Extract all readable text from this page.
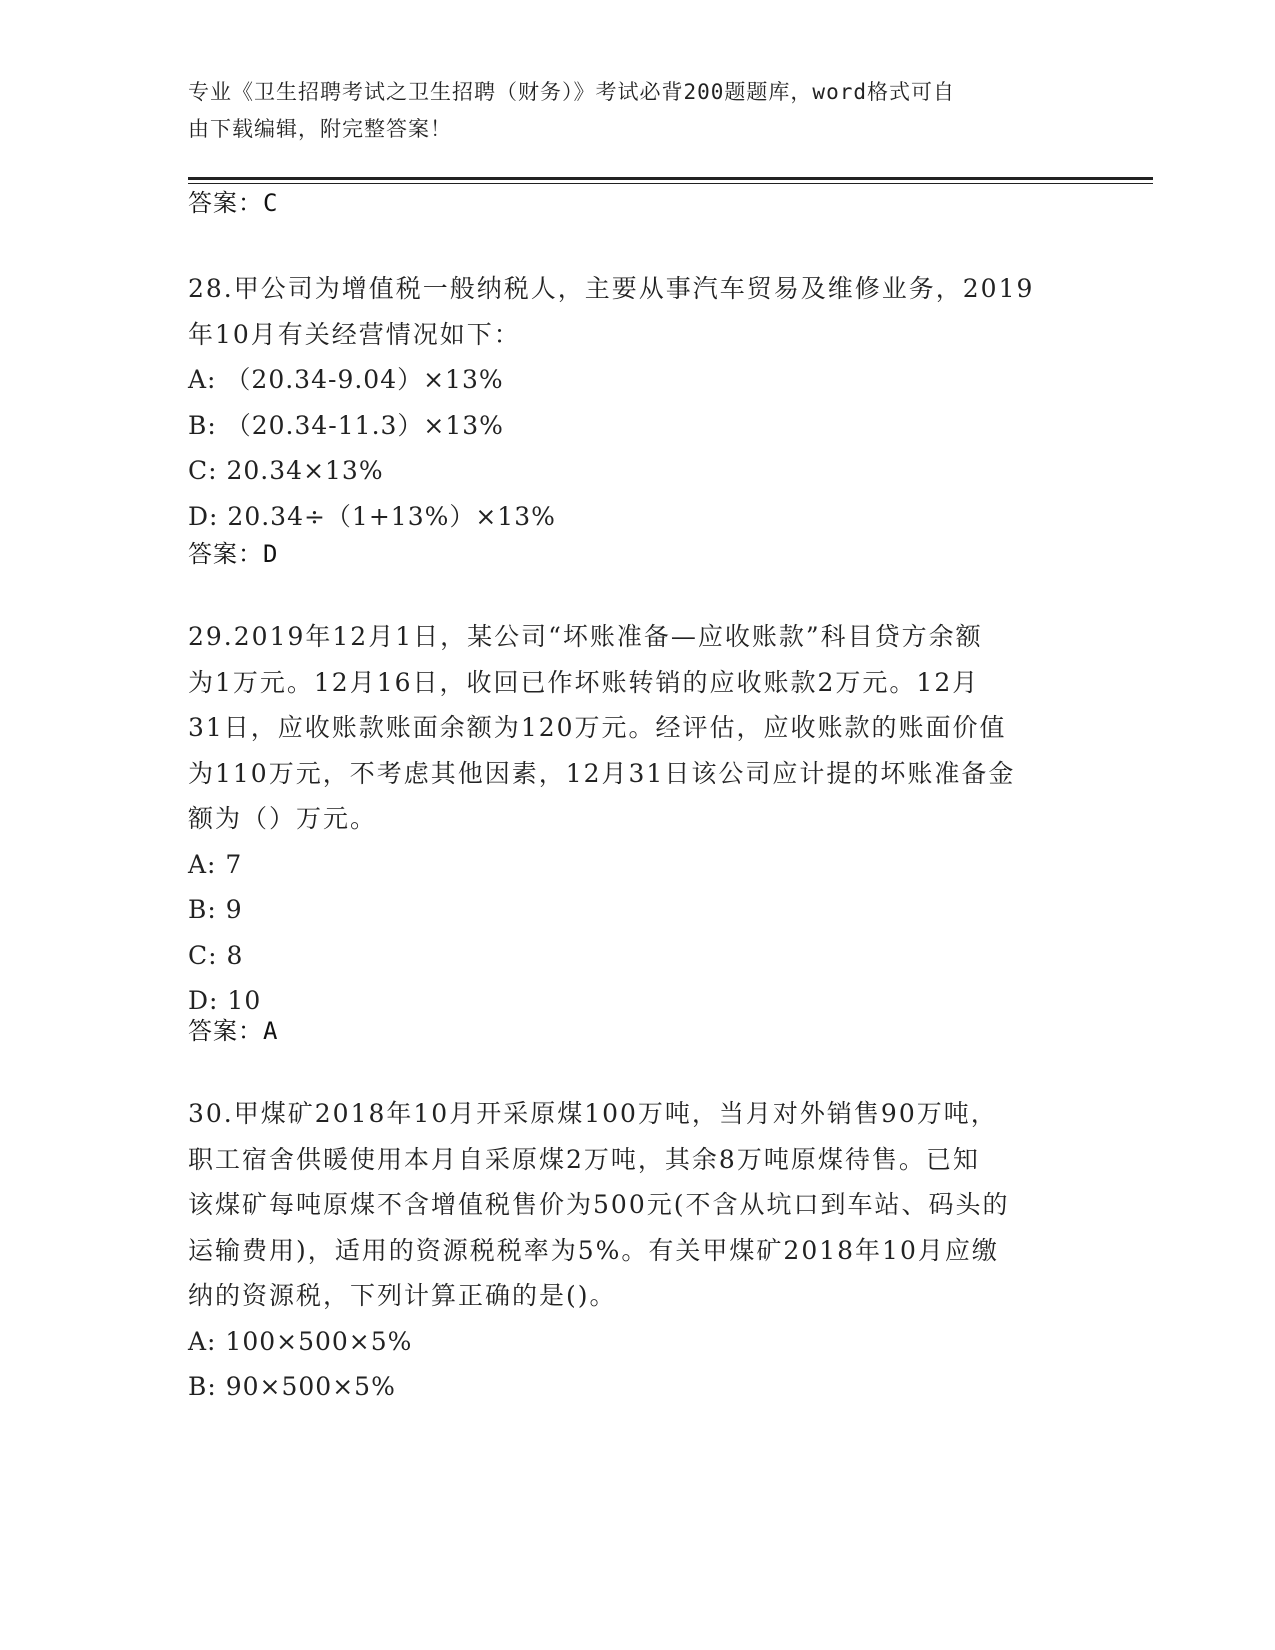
专业《卫生招聘考试之卫生招聘（财务）》考试必背200题题库，word格式可自
由下载编辑，附完整答案！
答案：C
28.甲公司为增值税一般纳税人，主要从事汽车贸易及维修业务，2019
年10月有关经营情况如下：
A: （20.34-9.04）×13%
B: （20.34-11.3）×13%
C: 20.34×13%
D: 20.34÷（1+13%）×13%
答案：D
29.2019年12月1日，某公司“坏账准备—应收账款”科目贷方余额
为1万元。12月16日，收回已作坏账转销的应收账款2万元。12月
31日，应收账款账面余额为120万元。经评估，应收账款的账面价值
为110万元，不考虑其他因素，12月31日该公司应计提的坏账准备金
额为（）万元。
A: 7
B: 9
C: 8
D: 10
答案：A
30.甲煤矿2018年10月开采原煤100万吨，当月对外销售90万吨，
职工宿舍供暖使用本月自采原煤2万吨，其余8万吨原煤待售。已知
该煤矿每吨原煤不含增值税售价为500元(不含从坑口到车站、码头的
运输费用)，适用的资源税税率为5%。有关甲煤矿2018年10月应缴
纳的资源税，下列计算正确的是()。
A: 100×500×5%
B: 90×500×5%
